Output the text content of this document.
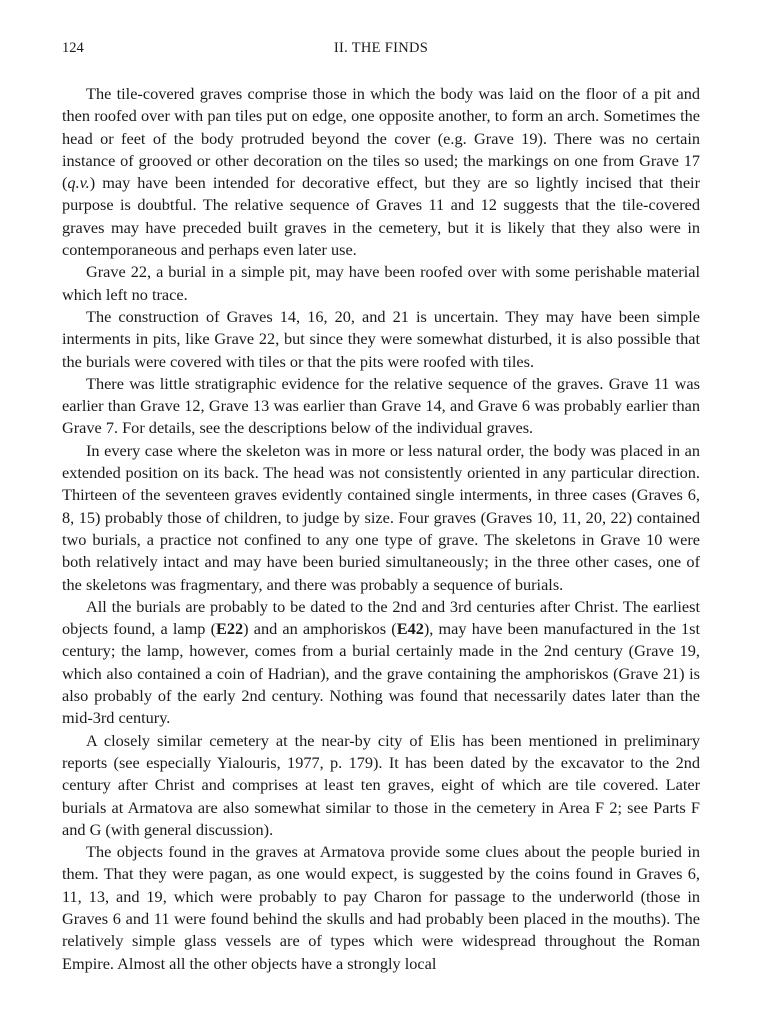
124	II. THE FINDS

The tile-covered graves comprise those in which the body was laid on the floor of a pit and then roofed over with pan tiles put on edge, one opposite another, to form an arch. Sometimes the head or feet of the body protruded beyond the cover (e.g. Grave 19). There was no certain instance of grooved or other decoration on the tiles so used; the markings on one from Grave 17 (q.v.) may have been intended for decorative effect, but they are so lightly incised that their purpose is doubtful. The relative sequence of Graves 11 and 12 suggests that the tile-covered graves may have preceded built graves in the cemetery, but it is likely that they also were in contemporaneous and perhaps even later use.

Grave 22, a burial in a simple pit, may have been roofed over with some perishable material which left no trace.

The construction of Graves 14, 16, 20, and 21 is uncertain. They may have been simple interments in pits, like Grave 22, but since they were somewhat disturbed, it is also possible that the burials were covered with tiles or that the pits were roofed with tiles.

There was little stratigraphic evidence for the relative sequence of the graves. Grave 11 was earlier than Grave 12, Grave 13 was earlier than Grave 14, and Grave 6 was probably earlier than Grave 7. For details, see the descriptions below of the individual graves.

In every case where the skeleton was in more or less natural order, the body was placed in an extended position on its back. The head was not consistently oriented in any particular direction. Thirteen of the seventeen graves evidently contained single interments, in three cases (Graves 6, 8, 15) probably those of children, to judge by size. Four graves (Graves 10, 11, 20, 22) contained two burials, a practice not confined to any one type of grave. The skeletons in Grave 10 were both relatively intact and may have been buried simultaneously; in the three other cases, one of the skeletons was fragmentary, and there was probably a sequence of burials.

All the burials are probably to be dated to the 2nd and 3rd centuries after Christ. The earliest objects found, a lamp (E22) and an amphoriskos (E42), may have been manufactured in the 1st century; the lamp, however, comes from a burial certainly made in the 2nd century (Grave 19, which also contained a coin of Hadrian), and the grave containing the amphoriskos (Grave 21) is also probably of the early 2nd century. Nothing was found that necessarily dates later than the mid-3rd century.

A closely similar cemetery at the near-by city of Elis has been mentioned in preliminary reports (see especially Yialouris, 1977, p. 179). It has been dated by the excavator to the 2nd century after Christ and comprises at least ten graves, eight of which are tile covered. Later burials at Armatova are also somewhat similar to those in the cemetery in Area F 2; see Parts F and G (with general discussion).

The objects found in the graves at Armatova provide some clues about the people buried in them. That they were pagan, as one would expect, is suggested by the coins found in Graves 6, 11, 13, and 19, which were probably to pay Charon for passage to the underworld (those in Graves 6 and 11 were found behind the skulls and had probably been placed in the mouths). The relatively simple glass vessels are of types which were widespread throughout the Roman Empire. Almost all the other objects have a strongly local
